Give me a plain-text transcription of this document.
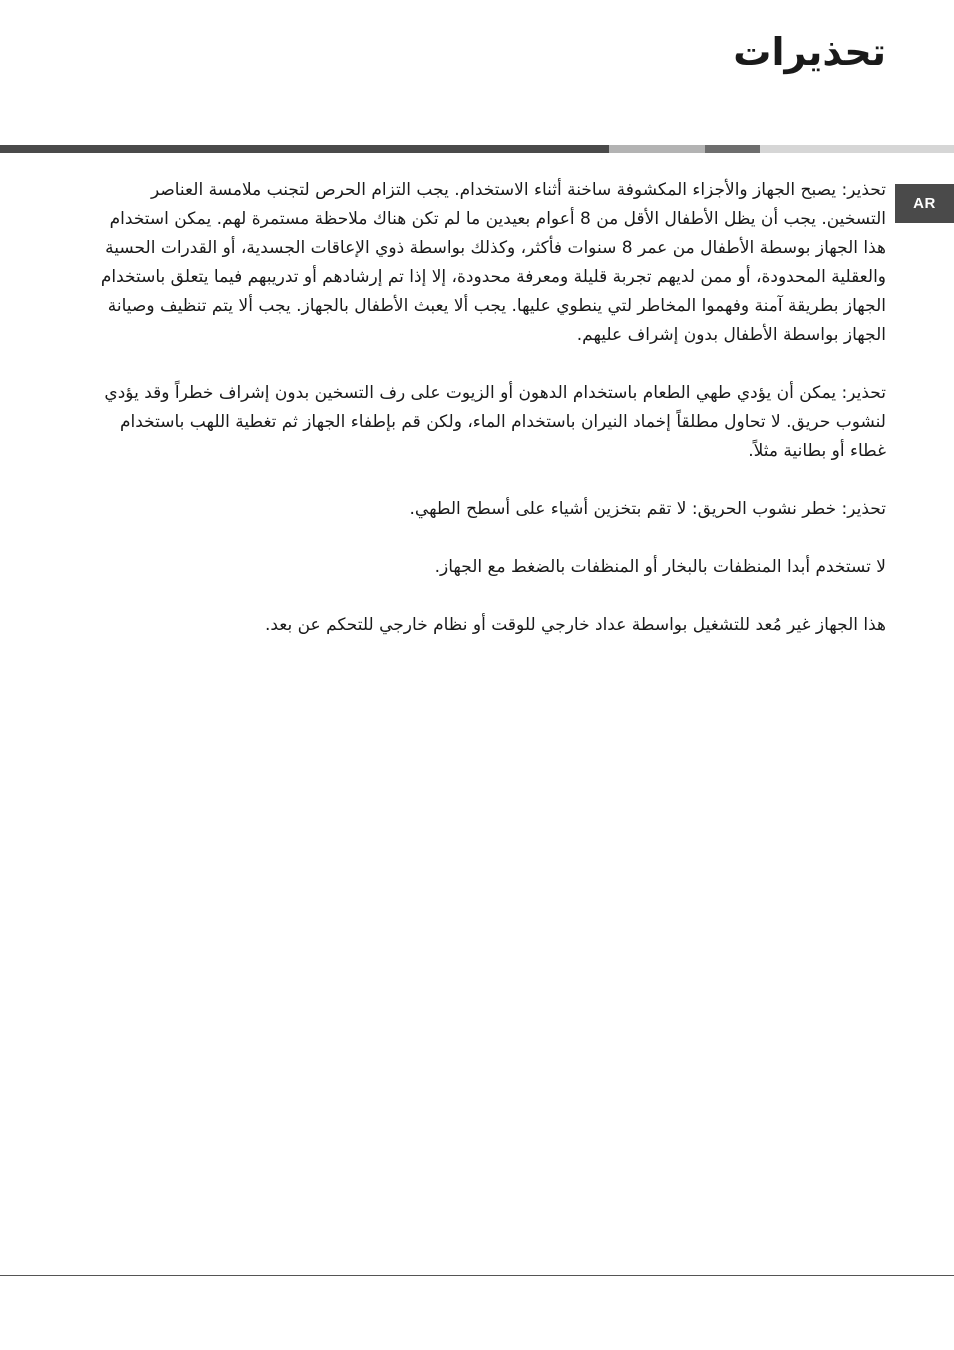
تحذيرات
AR

تحذير: يصبح الجهاز والأجزاء المكشوفة ساخنة أثناء الاستخدام. يجب التزام الحرص لتجنب ملامسة العناصر التسخين. يجب أن يظل الأطفال الأقل من 8 أعوام بعيدين ما لم تكن هناك ملاحظة مستمرة لهم. يمكن استخدام هذا الجهاز بوسطة الأطفال من عمر 8 سنوات فأكثر، وكذلك بواسطة ذوي الإعاقات الجسدية، أو القدرات الحسية والعقلية المحدودة، أو ممن لديهم تجربة قليلة ومعرفة محدودة، إلا إذا تم إرشادهم أو تدريبهم فيما يتعلق باستخدام الجهاز بطريقة آمنة وفهموا المخاطر لتي ينطوي عليها. يجب ألا يعبث الأطفال بالجهاز. يجب ألا يتم تنظيف وصيانة الجهاز بواسطة الأطفال بدون إشراف عليهم.

تحذير: يمكن أن يؤدي طهي الطعام باستخدام الدهون أو الزيوت على رف التسخين بدون إشراف خطراً وقد يؤدي لنشوب حريق. لا تحاول مطلقاً إخماد النيران باستخدام الماء، ولكن قم بإطفاء الجهاز ثم تغطية اللهب باستخدام غطاء أو بطانية مثلاً.

تحذير: خطر نشوب الحريق: لا تقم بتخزين أشياء على أسطح الطهي.

لا تستخدم أبدا المنظفات بالبخار أو المنظفات بالضغط مع الجهاز.

هذا الجهاز غير مُعد للتشغيل بواسطة عداد خارجي للوقت أو نظام خارجي للتحكم عن بعد.
